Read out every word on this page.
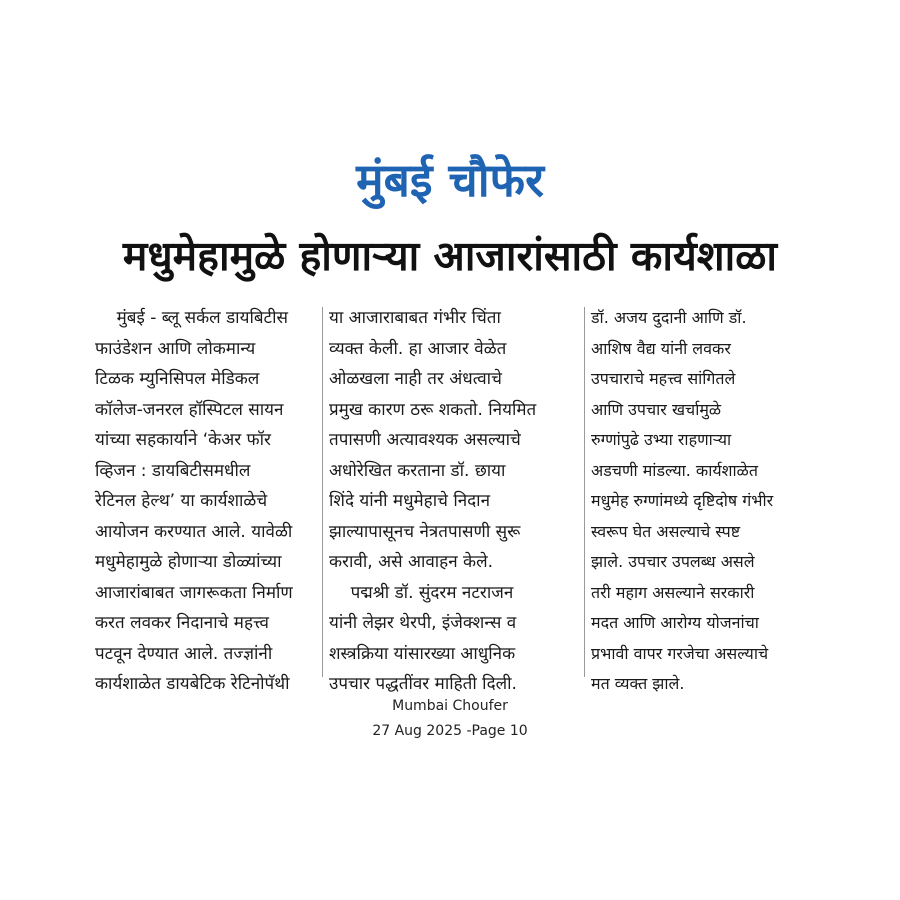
मुंबई चौफेर
मधुमेहामुळे होणाऱ्या आजारांसाठी कार्यशाळा
मुंबई - ब्लू सर्कल डायबिटीस
फाउंडेशन आणि लोकमान्य
टिळक म्युनिसिपल मेडिकल
कॉलेज-जनरल हॉस्पिटल सायन
यांच्या सहकार्याने ‘केअर फॉर
व्हिजन : डायबिटीसमधील
रेटिनल हेल्थ’ या कार्यशाळेचे
आयोजन करण्यात आले. यावेळी
मधुमेहामुळे होणाऱ्या डोळ्यांच्या
आजारांबाबत जागरूकता निर्माण
करत लवकर निदानाचे महत्त्व
पटवून देण्यात आले. तज्ज्ञांनी
कार्यशाळेत डायबेटिक रेटिनोपॅथी
या आजाराबाबत गंभीर चिंता
व्यक्त केली. हा आजार वेळेत
ओळखला नाही तर अंधत्वाचे
प्रमुख कारण ठरू शकतो. नियमित
तपासणी अत्यावश्यक असल्याचे
अधोरेखित करताना डॉ. छाया
शिंदे यांनी मधुमेहाचे निदान
झाल्यापासूनच नेत्रतपासणी सुरू
करावी, असे आवाहन केले.
पद्मश्री डॉ. सुंदरम नटराजन
यांनी लेझर थेरपी, इंजेक्शन्स व
शस्त्रक्रिया यांसारख्या आधुनिक
उपचार पद्धतींवर माहिती दिली.
डॉ. अजय दुदानी आणि डॉ.
आशिष वैद्य यांनी लवकर
उपचाराचे महत्त्व सांगितले
आणि उपचार खर्चामुळे
रुग्णांपुढे उभ्या राहणाऱ्या
अडचणी मांडल्या. कार्यशाळेत
मधुमेह रुग्णांमध्ये दृष्टिदोष गंभीर
स्वरूप घेत असल्याचे स्पष्ट
झाले. उपचार उपलब्ध असले
तरी महाग असल्याने सरकारी
मदत आणि आरोग्य योजनांचा
प्रभावी वापर गरजेचा असल्याचे
मत व्यक्त झाले.
Mumbai Choufer
27 Aug 2025 -Page 10
